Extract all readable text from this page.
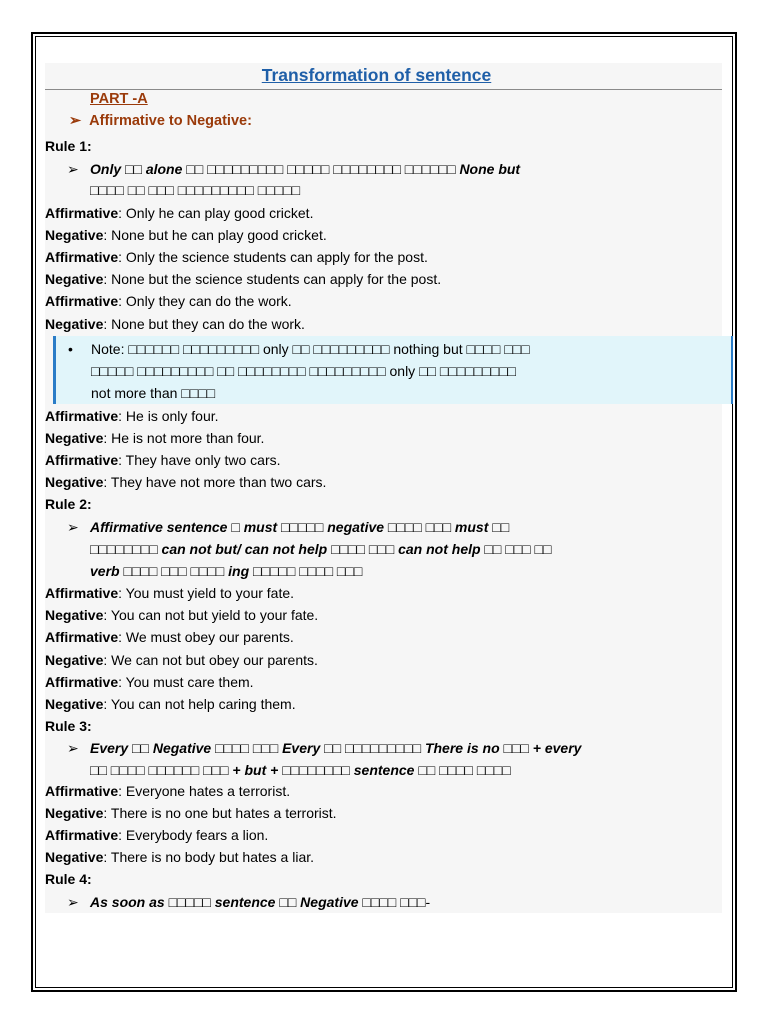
Transformation of sentence
PART -A
➢ Affirmative to Negative:
Rule 1:
➢ Only □□ alone □□ □□□□□□□□□ □□□□□ □□□□□□□□ □□□□□□ None but
□□□□ □□ □□□ □□□□□□□□□ □□□□□
Affirmative: Only he can play good cricket.
Negative: None but he can play good cricket.
Affirmative: Only the science students can apply for the post.
Negative: None but the science students can apply for the post.
Affirmative: Only they can do the work.
Negative: None but they can do the work.
• Note: □□□□□□ □□□□□□□□□ only □□ □□□□□□□□□ nothing but □□□□ □□□
□□□□□ □□□□□□□□□ □□ □□□□□□□□ □□□□□□□□□ only □□ □□□□□□□□□
not more than □□□□
Affirmative: He is only four.
Negative: He is not more than four.
Affirmative: They have only two cars.
Negative: They have not more than two cars.
Rule 2:
➢ Affirmative sentence □ must □□□□□ negative □□□□ □□□ must □□
□□□□□□□□ can not but/ can not help □□□□ □□□ can not help □□ □□□ □□
verb □□□□ □□□ □□□□ ing □□□□□ □□□□ □□□
Affirmative: You must yield to your fate.
Negative: You can not but yield to your fate.
Affirmative: We must obey our parents.
Negative: We can not but obey our parents.
Affirmative: You must care them.
Negative: You can not help caring them.
Rule 3:
➢ Every □□ Negative □□□□ □□□ Every □□ □□□□□□□□□ There is no □□□ + every
□□ □□□□ □□□□□□ □□□ + but + □□□□□□□□ sentence □□ □□□□ □□□□
Affirmative: Everyone hates a terrorist.
Negative: There is no one but hates a terrorist.
Affirmative: Everybody fears a lion.
Negative: There is no body but hates a liar.
Rule 4:
➢ As soon as □□□□□ sentence □□ Negative □□□□ □□□-
